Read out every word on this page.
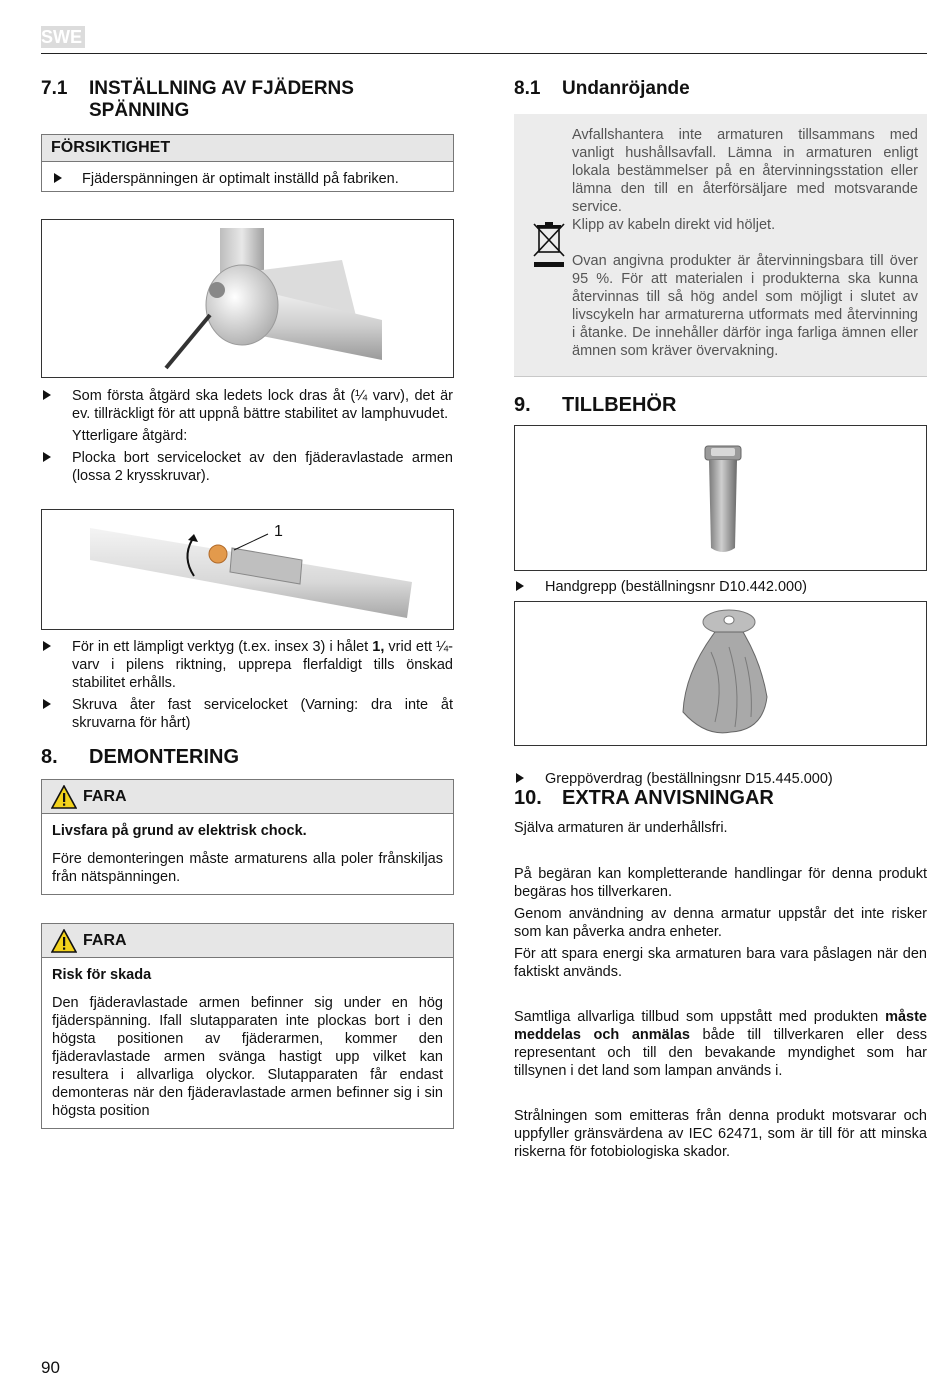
SWE
7.1	INSTÄLLNING AV FJÄDERNS SPÄNNING
FÖRSIKTIGHET
Fjäderspänningen är optimalt inställd på fabriken.

Som första åtgärd ska ledets lock dras åt (¼ varv), det är ev. tillräckligt för att uppnå bättre stabilitet av lamphuvudet.

Ytterligare åtgärd:

Plocka bort servicelocket av den fjäderavlastade armen (lossa 2 krysskruvar).

1

För in ett lämpligt verktyg (t.ex. insex 3) i hålet 1, vrid ett ¼-varv i pilens riktning, upprepa flerfaldigt tills önskad stabilitet erhålls.

Skruva åter fast servicelocket (Varning: dra inte åt skruvarna för hårt)

8. DEMONTERING
FARA

Livsfara på grund av elektrisk chock.

Före demonteringen måste armaturens alla poler frånskiljas från nätspänningen.

FARA

Risk för skada

Den fjäderavlastade armen befinner sig under en hög fjäderspänning. Ifall slutapparaten inte plockas bort i den högsta positionen av fjäderarmen, kommer den fjäderavlastade armen svänga hastigt upp vilket kan resultera i allvarliga olyckor. Slutapparaten får endast demonteras när den fjäderavlastade armen befinner sig i sin högsta position

8.1 Undanröjande

Avfallshantera inte armaturen tillsammans med vanligt hushållsavfall. Lämna in armaturen enligt lokala bestämmelser på en återvinningsstation eller lämna den till en återförsäljare med motsvarande service.

Klipp av kabeln direkt vid höljet.

Ovan angivna produkter är återvinningsbara till över 95 %. För att materialen i produkterna ska kunna återvinnas till så hög andel som möjligt i slutet av livscykeln har armaturerna utformats med återvinning i åtanke. De innehåller därför inga farliga ämnen eller ämnen som kräver övervakning.

9. TILLBEHÖR

Handgrepp (beställningsnr D10.442.000)

Greppöverdrag (beställningsnr D15.445.000)

10. EXTRA ANVISNINGAR

Själva armaturen är underhållsfri.

På begäran kan kompletterande handlingar för denna produkt begäras hos tillverkaren.

Genom användning av denna armatur uppstår det inte risker som kan påverka andra enheter.

För att spara energi ska armaturen bara vara påslagen när den faktiskt används.

Samtliga allvarliga tillbud som uppstått med produkten måste meddelas och anmälas både till tillverkaren eller dess representant och till den bevakande myndighet som har tillsynen i det land som lampan används i.

Strålningen som emitteras från denna produkt motsvarar och uppfyller gränsvärdena av IEC 62471, som är till för att minska riskerna för fotobiologiska skador.

90
